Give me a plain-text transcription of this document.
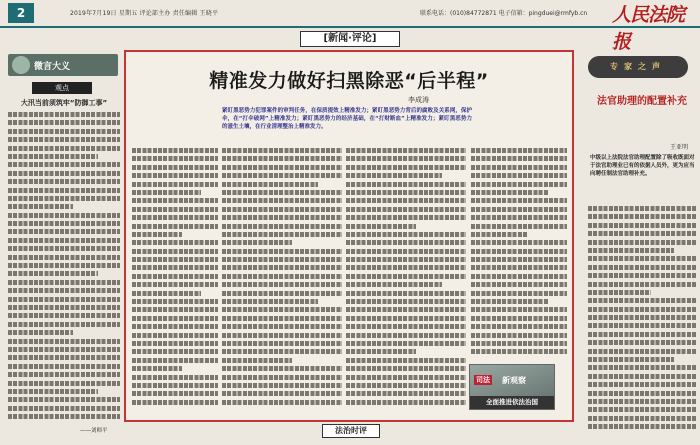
2	2019年7月19日 星期五 评论部主办 责任编辑 王晓平	联系电话：(010)84772871 电子信箱：pingduei@rmfyb.cn 人民法院报
[新闻·评论]
微言大义
观点
大汛当前须筑牢“防御工事”
——刘师平
精准发力做好扫黑除恶“后半程”
李成涛
紧盯黑恶势力犯罪案件的审判任务，在保质提效上精准发力；紧盯黑恶势力背后的腐败及关系网，保护伞，在“打伞破网”上精准发力；紧盯黑恶势力的经济基础，在“打财断血”上精准发力；紧盯黑恶势力的滋生土壤，在行业清理整治上精准发力。
司法 新观察
全面推进依法治国
法治时评
专家之声
法官助理的配置补充
王亚明
中级以上法院法官助理配置除了吸收既面对于法官助理业已有的依据人员外，更为应当向聘任制法官助理补充。
